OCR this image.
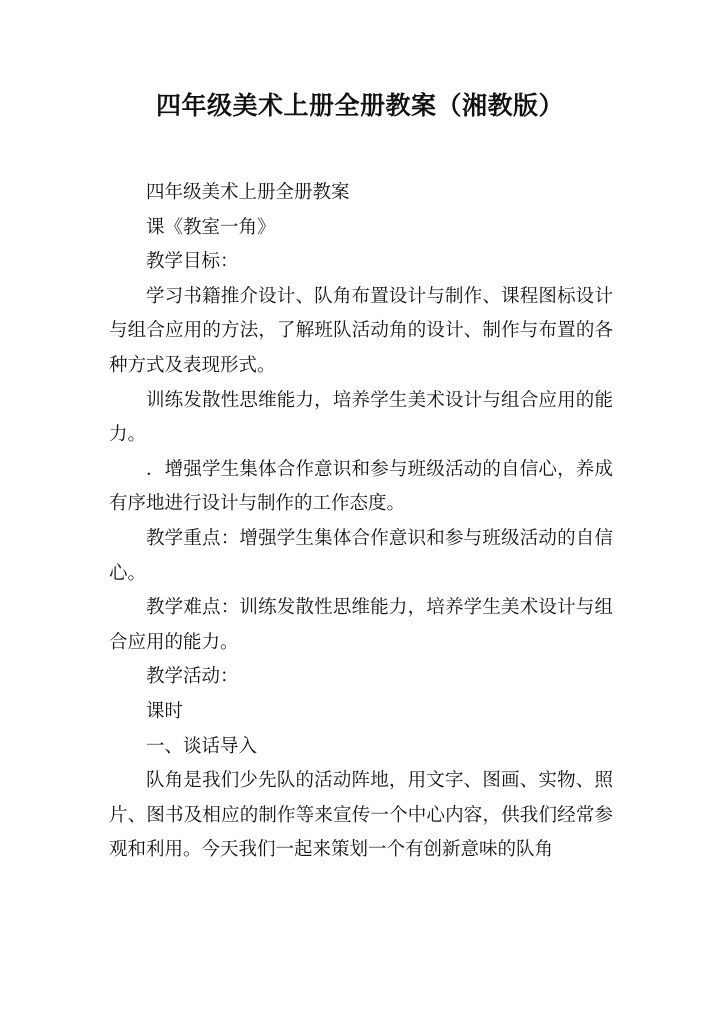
四年级美术上册全册教案（湘教版）

四年级美术上册全册教案

课《教室一角》

教学目标：

学习书籍推介设计、队角布置设计与制作、课程图标设计与组合应用的方法，了解班队活动角的设计、制作与布置的各种方式及表现形式。

训练发散性思维能力，培养学生美术设计与组合应用的能力。

．增强学生集体合作意识和参与班级活动的自信心，养成有序地进行设计与制作的工作态度。

教学重点：增强学生集体合作意识和参与班级活动的自信心。

教学难点：训练发散性思维能力，培养学生美术设计与组合应用的能力。

教学活动：

课时

一、谈话导入

队角是我们少先队的活动阵地，用文字、图画、实物、照片、图书及相应的制作等来宣传一个中心内容，供我们经常参观和利用。今天我们一起来策划一个有创新意味的队角
